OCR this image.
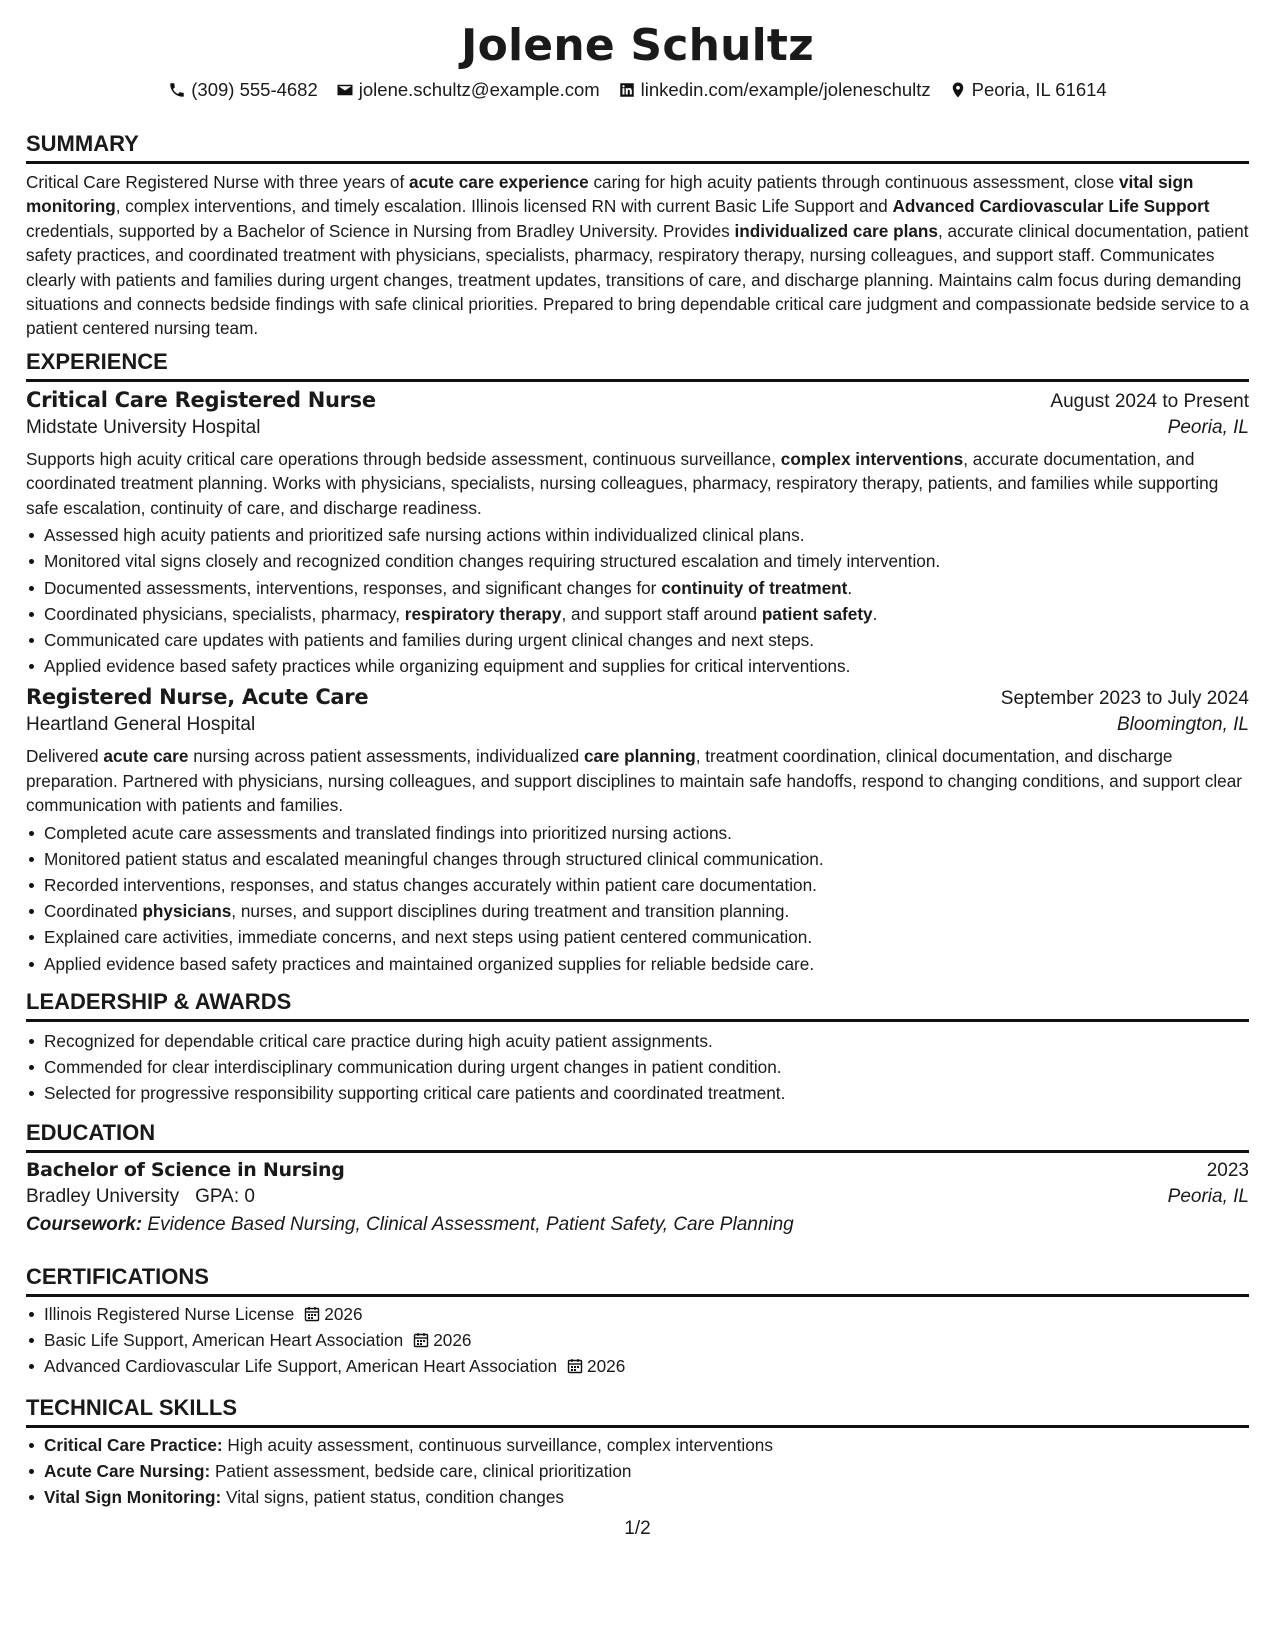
Jolene Schultz
(309) 555-4682 jolene.schultz@example.com linkedin.com/example/joleneschultz Peoria, IL 61614
SUMMARY

Critical Care Registered Nurse with three years of acute care experience caring for high acuity patients through continuous assessment, close vital sign monitoring, complex interventions, and timely escalation. Illinois licensed RN with current Basic Life Support and Advanced Cardiovascular Life Support credentials, supported by a Bachelor of Science in Nursing from Bradley University. Provides individualized care plans, accurate clinical documentation, patient safety practices, and coordinated treatment with physicians, specialists, pharmacy, respiratory therapy, nursing colleagues, and support staff. Communicates clearly with patients and families during urgent changes, treatment updates, transitions of care, and discharge planning. Maintains calm focus during demanding situations and connects bedside findings with safe clinical priorities. Prepared to bring dependable critical care judgment and compassionate bedside service to a patient centered nursing team.

EXPERIENCE
Critical Care Registered Nurse	August 2024 to Present
Midstate University Hospital	Peoria, IL

Supports high acuity critical care operations through bedside assessment, continuous surveillance, complex interventions, accurate documentation, and coordinated treatment planning. Works with physicians, specialists, nursing colleagues, pharmacy, respiratory therapy, patients, and families while supporting safe escalation, continuity of care, and discharge readiness.

Assessed high acuity patients and prioritized safe nursing actions within individualized clinical plans.
Monitored vital signs closely and recognized condition changes requiring structured escalation and timely intervention.
Documented assessments, interventions, responses, and significant changes for continuity of treatment.
Coordinated physicians, specialists, pharmacy, respiratory therapy, and support staff around patient safety.
Communicated care updates with patients and families during urgent clinical changes and next steps.
Applied evidence based safety practices while organizing equipment and supplies for critical interventions.
Registered Nurse, Acute Care	September 2023 to July 2024
Heartland General Hospital	Bloomington, IL

Delivered acute care nursing across patient assessments, individualized care planning, treatment coordination, clinical documentation, and discharge preparation. Partnered with physicians, nursing colleagues, and support disciplines to maintain safe handoffs, respond to changing conditions, and support clear communication with patients and families.

Completed acute care assessments and translated findings into prioritized nursing actions.
Monitored patient status and escalated meaningful changes through structured clinical communication.
Recorded interventions, responses, and status changes accurately within patient care documentation.
Coordinated physicians, nurses, and support disciplines during treatment and transition planning.
Explained care activities, immediate concerns, and next steps using patient centered communication.
Applied evidence based safety practices and maintained organized supplies for reliable bedside care.
LEADERSHIP & AWARDS
Recognized for dependable critical care practice during high acuity patient assignments.
Commended for clear interdisciplinary communication during urgent changes in patient condition.
Selected for progressive responsibility supporting critical care patients and coordinated treatment.
EDUCATION
Bachelor of Science in Nursing	2023
Bradley University GPA: 0	Peoria, IL
Coursework: Evidence Based Nursing, Clinical Assessment, Patient Safety, Care Planning
CERTIFICATIONS
Illinois Registered Nurse License 2026
Basic Life Support, American Heart Association 2026
Advanced Cardiovascular Life Support, American Heart Association 2026
TECHNICAL SKILLS
Critical Care Practice: High acuity assessment, continuous surveillance, complex interventions
Acute Care Nursing: Patient assessment, bedside care, clinical prioritization
Vital Sign Monitoring: Vital signs, patient status, condition changes
1/2
